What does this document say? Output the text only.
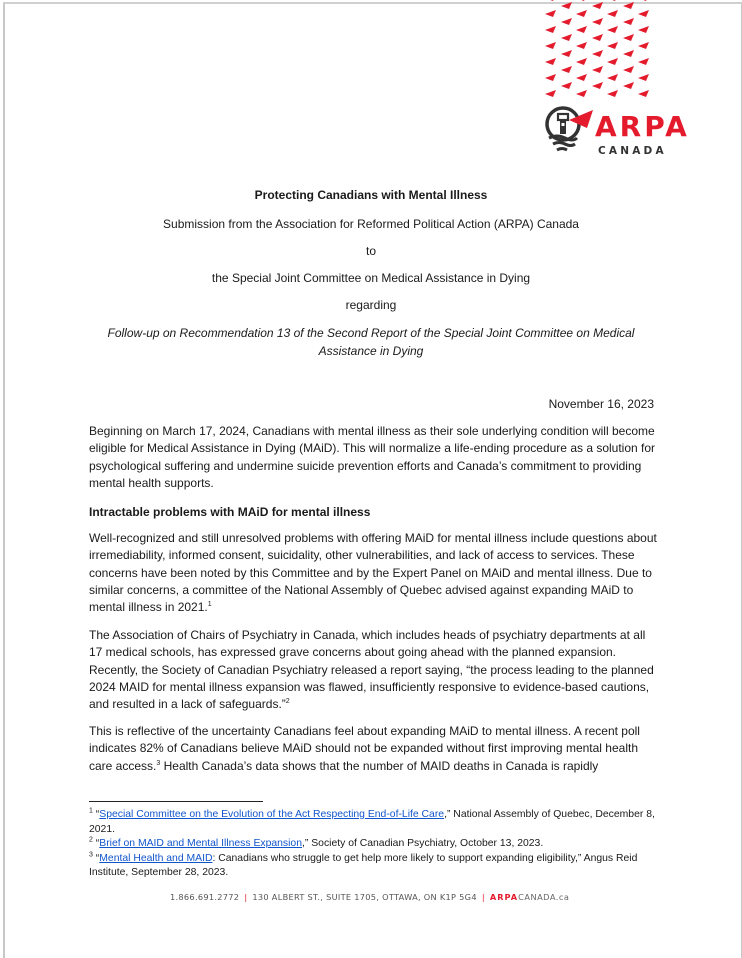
ARPA
CANADA
Protecting Canadians with Mental Illness
Submission from the Association for Reformed Political Action (ARPA) Canada
to
the Special Joint Committee on Medical Assistance in Dying
regarding
Follow-up on Recommendation 13 of the Second Report of the Special Joint Committee on Medical Assistance in Dying
November 16, 2023

Beginning on March 17, 2024, Canadians with mental illness as their sole underlying condition will become eligible for Medical Assistance in Dying (MAiD). This will normalize a life-ending procedure as a solution for psychological suffering and undermine suicide prevention efforts and Canada’s commitment to providing mental health supports.

Intractable problems with MAiD for mental illness

Well-recognized and still unresolved problems with offering MAiD for mental illness include questions about irremediability, informed consent, suicidality, other vulnerabilities, and lack of access to services. These concerns have been noted by this Committee and by the Expert Panel on MAiD and mental illness. Due to similar concerns, a committee of the National Assembly of Quebec advised against expanding MAiD to mental illness in 2021.$^1$

The Association of Chairs of Psychiatry in Canada, which includes heads of psychiatry departments at all 17 medical schools, has expressed grave concerns about going ahead with the planned expansion. Recently, the Society of Canadian Psychiatry released a report saying, “the process leading to the planned 2024 MAID for mental illness expansion was flawed, insufficiently responsive to evidence-based cautions, and resulted in a lack of safeguards.”$^2$

This is reflective of the uncertainty Canadians feel about expanding MAiD to mental illness. A recent poll indicates 82% of Canadians believe MAiD should not be expanded without first improving mental health care access.$^3$ Health Canada’s data shows that the number of MAID deaths in Canada is rapidly

$^1$ “Special Committee on the Evolution of the Act Respecting End-of-Life Care,” National Assembly of Quebec, December 8, 2021.
$^2$ “Brief on MAID and Mental Illness Expansion,” Society of Canadian Psychiatry, October 13, 2023.
$^3$ “Mental Health and MAID: Canadians who struggle to get help more likely to support expanding eligibility,” Angus Reid Institute, September 28, 2023.
1.866.691.2772 | 130 ALBERT ST., SUITE 1705, OTTAWA, ON K1P 5G4 | ARPACANADA.ca
